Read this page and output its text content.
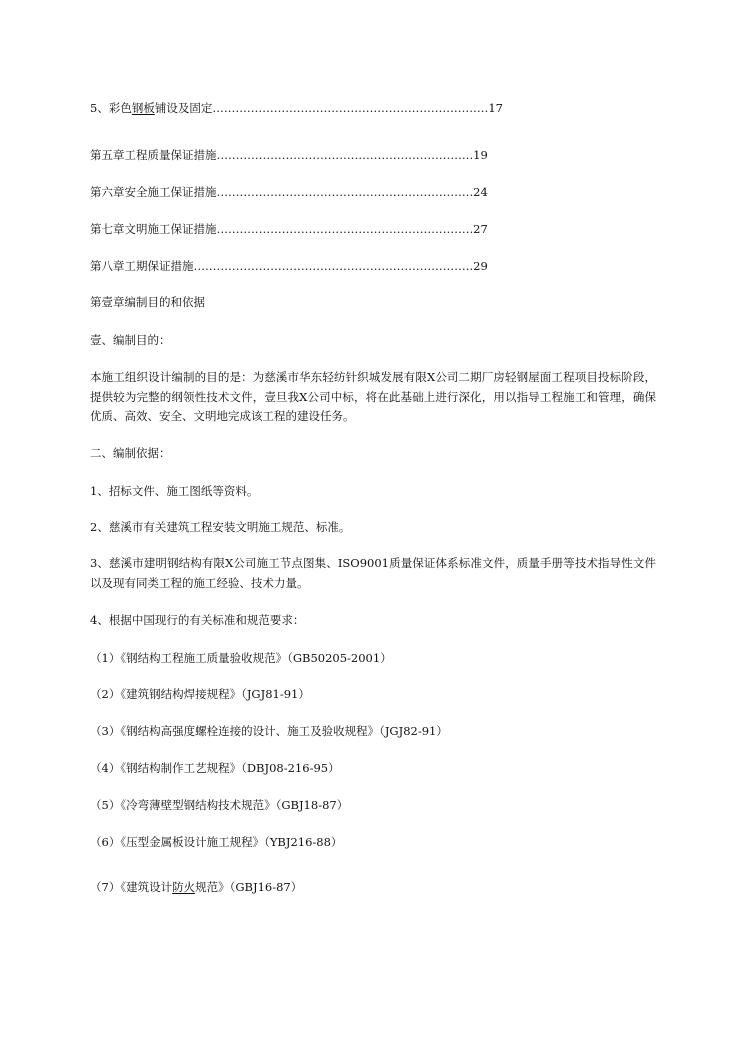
5、彩色钢板铺设及固定………………………………………………………………17
第五章工程质量保证措施………………………………………………………….19
第六章安全施工保证措施………………………………………………………….24
第七章文明施工保证措施………………………………………………………….27
第八章工期保证措施……………………………………………………………….29
第壹章编制目的和依据
壹、编制目的：
本施工组织设计编制的目的是：为慈溪市华东轻纺针织城发展有限X公司二期厂房轻钢屋面工程项目投标阶段，提供较为完整的纲领性技术文件，壹旦我X公司中标，将在此基础上进行深化，用以指导工程施工和管理，确保优质、高效、安全、文明地完成该工程的建设任务。
二、编制依据：
1、招标文件、施工图纸等资料。
2、慈溪市有关建筑工程安装文明施工规范、标准。
3、慈溪市建明钢结构有限X公司施工节点图集、ISO9001质量保证体系标准文件，质量手册等技术指导性文件以及现有同类工程的施工经验、技术力量。
4、根据中国现行的有关标准和规范要求：
（1）《钢结构工程施工质量验收规范》（GB50205-2001）
（2）《建筑钢结构焊接规程》（JGJ81-91）
（3）《钢结构高强度螺栓连接的设计、施工及验收规程》（JGJ82-91）
（4）《钢结构制作工艺规程》（DBJ08-216-95）
（5）《冷弯薄壁型钢结构技术规范》（GBJ18-87）
（6）《压型金属板设计施工规程》（YBJ216-88）
（7）《建筑设计防火规范》（GBJ16-87）
